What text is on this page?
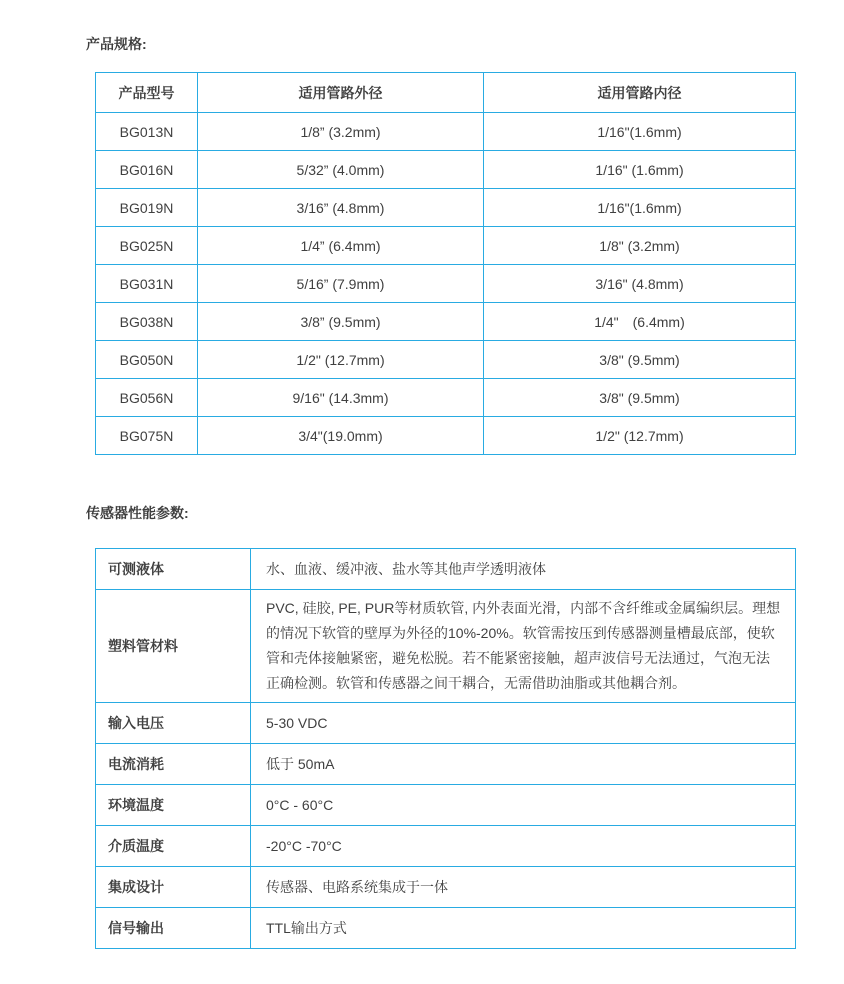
产品规格:
产品型号	适用管路外径	适用管路内径
BG013N	1/8” (3.2mm)	1/16"(1.6mm)
BG016N	5/32” (4.0mm)	1/16" (1.6mm)
BG019N	3/16” (4.8mm)	1/16"(1.6mm)
BG025N	1/4” (6.4mm)	1/8" (3.2mm)
BG031N	5/16” (7.9mm)	3/16" (4.8mm)
BG038N	3/8” (9.5mm)	1/4"　(6.4mm)
BG050N	1/2" (12.7mm)	3/8" (9.5mm)
BG056N	9/16" (14.3mm)	3/8" (9.5mm)
BG075N	3/4"(19.0mm)	1/2" (12.7mm)
传感器性能参数:
可测液体	水、血液、缓冲液、盐水等其他声学透明液体
塑料管材料	PVC, 硅胶, PE, PUR等材质软管, 内外表面光滑，内部不含纤维或金属编织层。理想的情况下软管的壁厚为外径的10%-20%。软管需按压到传感器测量槽最底部，使软管和壳体接触紧密，避免松脱。若不能紧密接触，超声波信号无法通过，气泡无法正确检测。软管和传感器之间干耦合，无需借助油脂或其他耦合剂。
输入电压	5-30 VDC
电流消耗	低于 50mA
环境温度	0°C - 60°C
介质温度	-20°C -70°C
集成设计	传感器、电路系统集成于一体
信号输出	TTL输出方式
